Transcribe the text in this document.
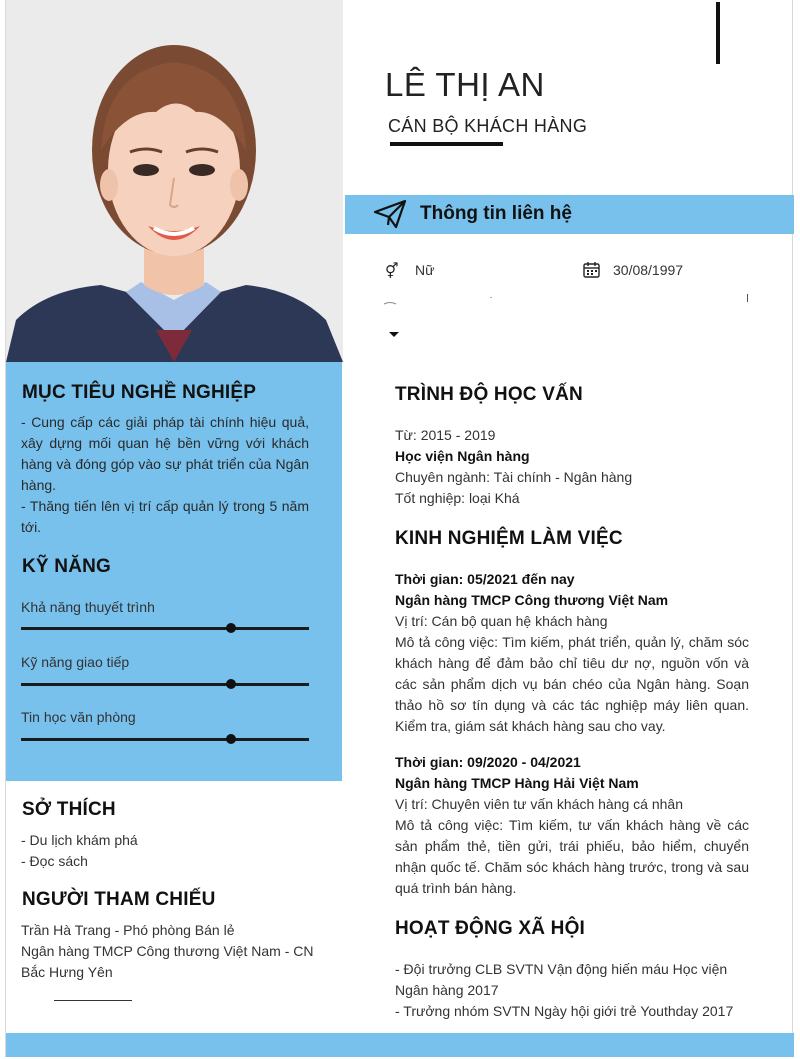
MỤC TIÊU NGHỀ NGHIỆP
- Cung cấp các giải pháp tài chính hiệu quả, xây dựng mối quan hệ bền vững với khách hàng và đóng góp vào sự phát triển của Ngân hàng.
- Thăng tiến lên vị trí cấp quản lý trong 5 năm tới.
KỸ NĂNG
Khả năng thuyết trình
Kỹ năng giao tiếp
Tin học văn phòng
SỞ THÍCH
- Du lịch khám phá
- Đọc sách
NGƯỜI THAM CHIẾU
Trần Hà Trang - Phó phòng Bán lẻ
Ngân hàng TMCP Công thương Việt Nam - CN
Bắc Hưng Yên
LÊ THỊ AN
CÁN BỘ KHÁCH HÀNG
Thông tin liên hệ
⚥ Nữ	30/08/1997
TRÌNH ĐỘ HỌC VẤN
Từ: 2015 - 2019
Học viện Ngân hàng
Chuyên ngành: Tài chính - Ngân hàng
Tốt nghiệp: loại Khá
KINH NGHIỆM LÀM VIỆC
Thời gian: 05/2021 đến nay
Ngân hàng TMCP Công thương Việt Nam
Vị trí: Cán bộ quan hệ khách hàng
Mô tả công việc: Tìm kiếm, phát triển, quản lý, chăm sóc khách hàng để đảm bảo chỉ tiêu dư nợ, nguồn vốn và các sản phẩm dịch vụ bán chéo của Ngân hàng. Soạn thảo hồ sơ tín dụng và các tác nghiệp máy liên quan. Kiểm tra, giám sát khách hàng sau cho vay.
Thời gian: 09/2020 - 04/2021
Ngân hàng TMCP Hàng Hải Việt Nam
Vị trí: Chuyên viên tư vấn khách hàng cá nhân
Mô tả công việc: Tìm kiếm, tư vấn khách hàng về các sản phẩm thẻ, tiền gửi, trái phiếu, bảo hiểm, chuyển nhận quốc tế. Chăm sóc khách hàng trước, trong và sau quá trình bán hàng.
HOẠT ĐỘNG XÃ HỘI
- Đội trưởng CLB SVTN Vận động hiến máu Học viện Ngân hàng 2017
- Trưởng nhóm SVTN Ngày hội giới trẻ Youthday 2017
